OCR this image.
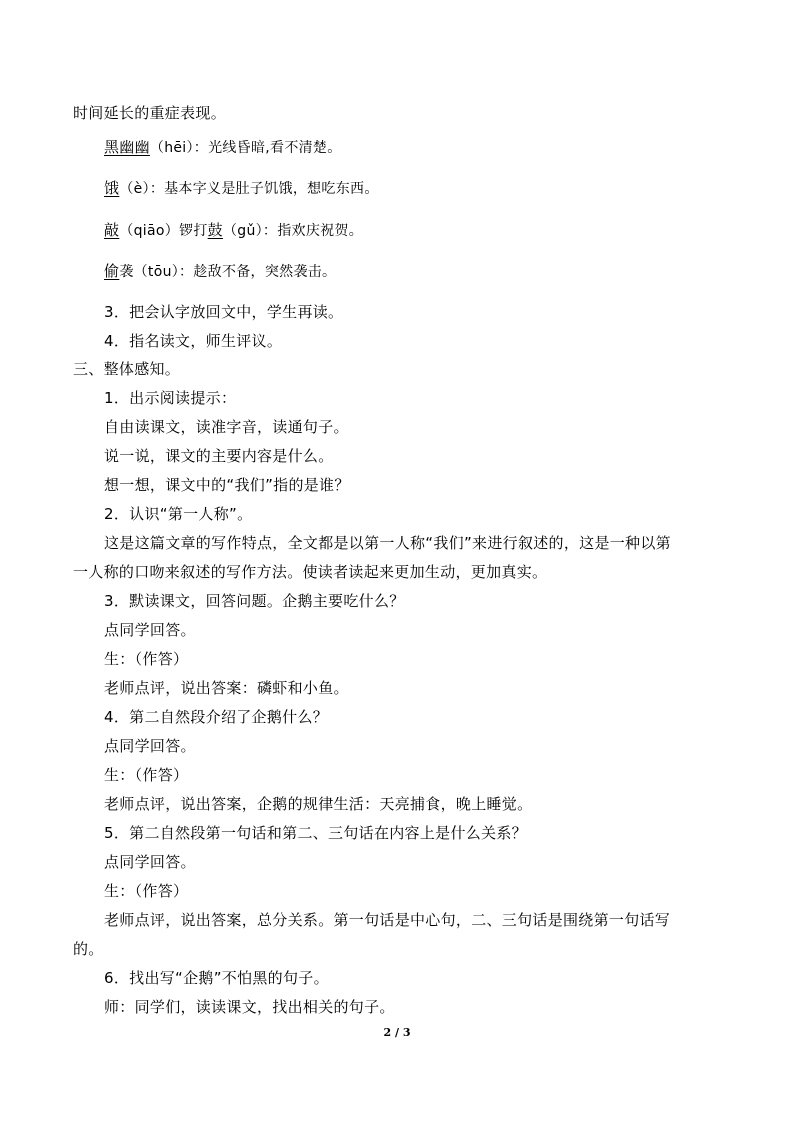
时间延长的重症表现。
黑幽幽（hēi）：光线昏暗,看不清楚。
饿（è）：基本字义是肚子饥饿，想吃东西。
敲（qiāo）锣打鼓（gǔ）：指欢庆祝贺。
偷袭（tōu）：趁敌不备，突然袭击。
3．把会认字放回文中，学生再读。
4．指名读文，师生评议。
三、整体感知。
1．出示阅读提示：
自由读课文，读准字音，读通句子。
说一说，课文的主要内容是什么。
想一想，课文中的“我们”指的是谁？
2．认识“第一人称”。
这是这篇文章的写作特点，全文都是以第一人称“我们”来进行叙述的，这是一种以第
一人称的口吻来叙述的写作方法。使读者读起来更加生动，更加真实。
3．默读课文，回答问题。企鹅主要吃什么？
点同学回答。
生：（作答）
老师点评，说出答案：磷虾和小鱼。
4．第二自然段介绍了企鹅什么？
点同学回答。
生：（作答）
老师点评，说出答案，企鹅的规律生活：天亮捕食，晚上睡觉。
5．第二自然段第一句话和第二、三句话在内容上是什么关系？
点同学回答。
生：（作答）
老师点评，说出答案，总分关系。第一句话是中心句，二、三句话是围绕第一句话写
的。
6．找出写“企鹅”不怕黑的句子。
师：同学们，读读课文，找出相关的句子。
2 / 3
